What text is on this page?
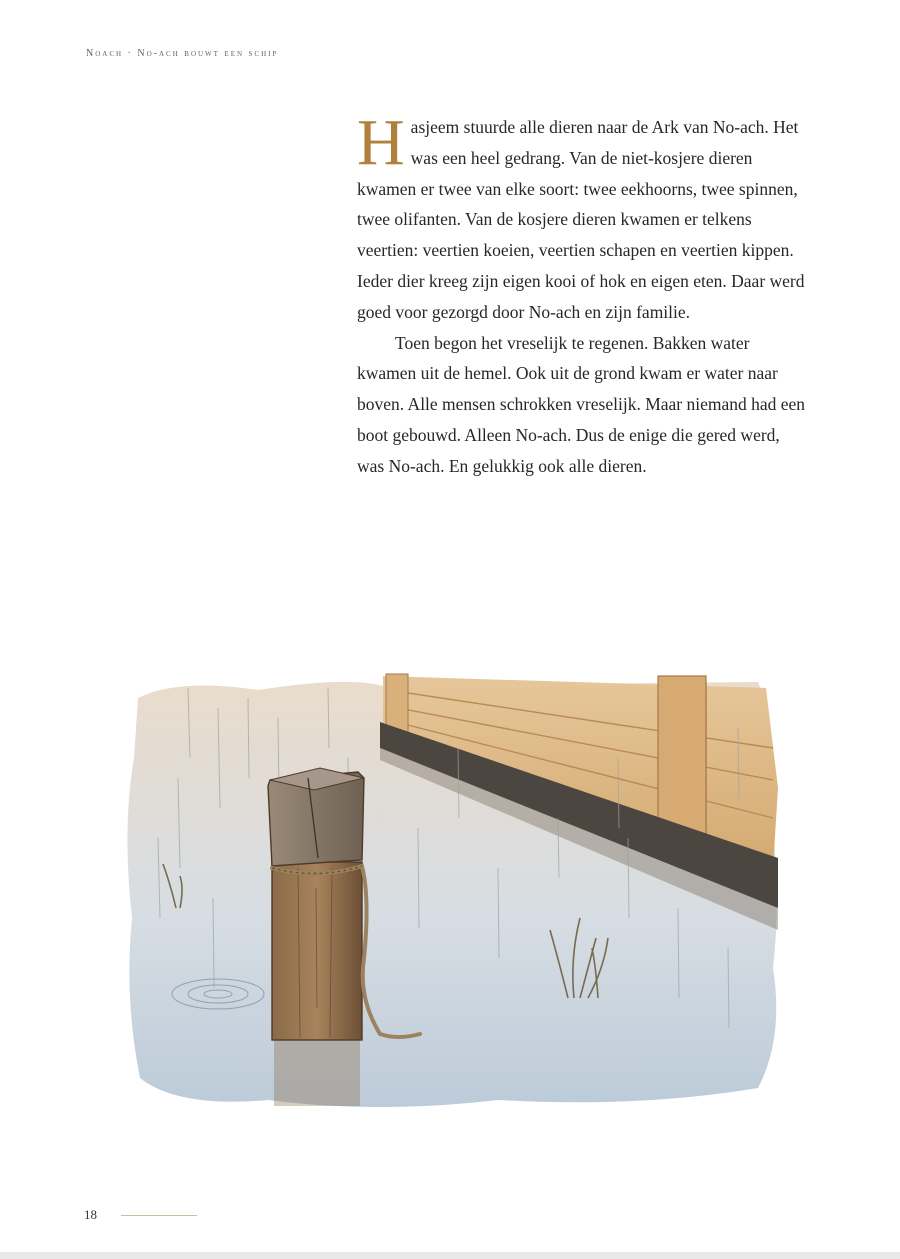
Noach · No-ach bouwt een schip

Hasjeem stuurde alle dieren naar de Ark van No-ach. Het was een heel gedrang. Van de niet-kosjere dieren kwamen er twee van elke soort: twee eekhoorns, twee spinnen, twee olifanten. Van de kosjere dieren kwamen er telkens veertien: veertien koeien, veertien schapen en veertien kippen. Ieder dier kreeg zijn eigen kooi of hok en eigen eten. Daar werd goed voor gezorgd door No-ach en zijn familie.

Toen begon het vreselijk te regenen. Bakken water kwamen uit de hemel. Ook uit de grond kwam er water naar boven. Alle mensen schrokken vreselijk. Maar niemand had een boot gebouwd. Alleen No-ach. Dus de enige die gered werd, was No-ach. En gelukkig ook alle dieren.

18
